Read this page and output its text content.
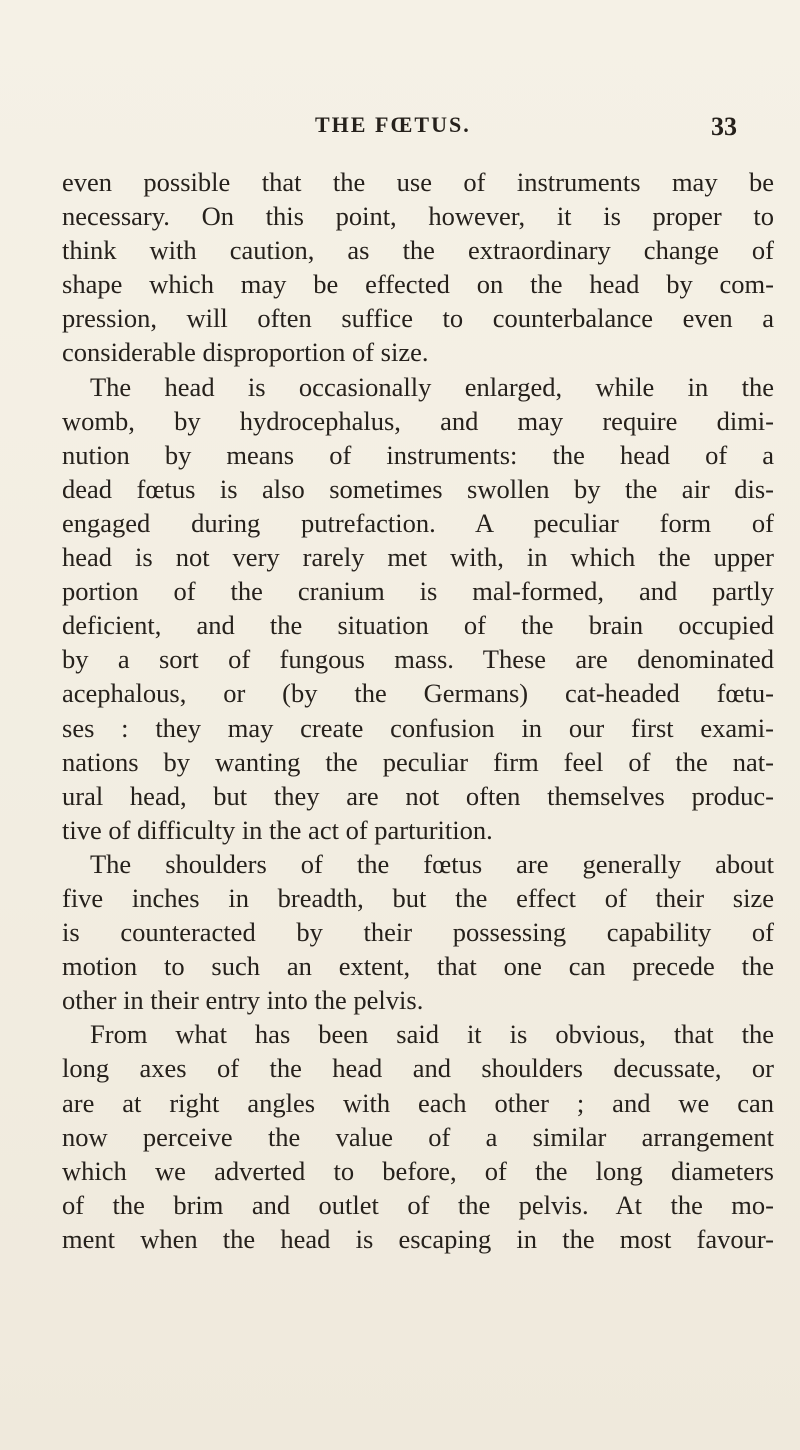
THE FŒTUS.	33
even possible that the use of instruments may be
necessary. On this point, however, it is proper to
think with caution, as the extraordinary change of
shape which may be effected on the head by com-
pression, will often suffice to counterbalance even a
considerable disproportion of size.
The head is occasionally enlarged, while in the
womb, by hydrocephalus, and may require dimi-
nution by means of instruments: the head of a
dead fœtus is also sometimes swollen by the air dis-
engaged during putrefaction. A peculiar form of
head is not very rarely met with, in which the upper
portion of the cranium is mal-formed, and partly
deficient, and the situation of the brain occupied
by a sort of fungous mass. These are denominated
acephalous, or (by the Germans) cat-headed fœtu-
ses : they may create confusion in our first exami-
nations by wanting the peculiar firm feel of the nat-
ural head, but they are not often themselves produc-
tive of difficulty in the act of parturition.
The shoulders of the fœtus are generally about
five inches in breadth, but the effect of their size
is counteracted by their possessing capability of
motion to such an extent, that one can precede the
other in their entry into the pelvis.
From what has been said it is obvious, that the
long axes of the head and shoulders decussate, or
are at right angles with each other ; and we can
now perceive the value of a similar arrangement
which we adverted to before, of the long diameters
of the brim and outlet of the pelvis. At the mo-
ment when the head is escaping in the most favour-
